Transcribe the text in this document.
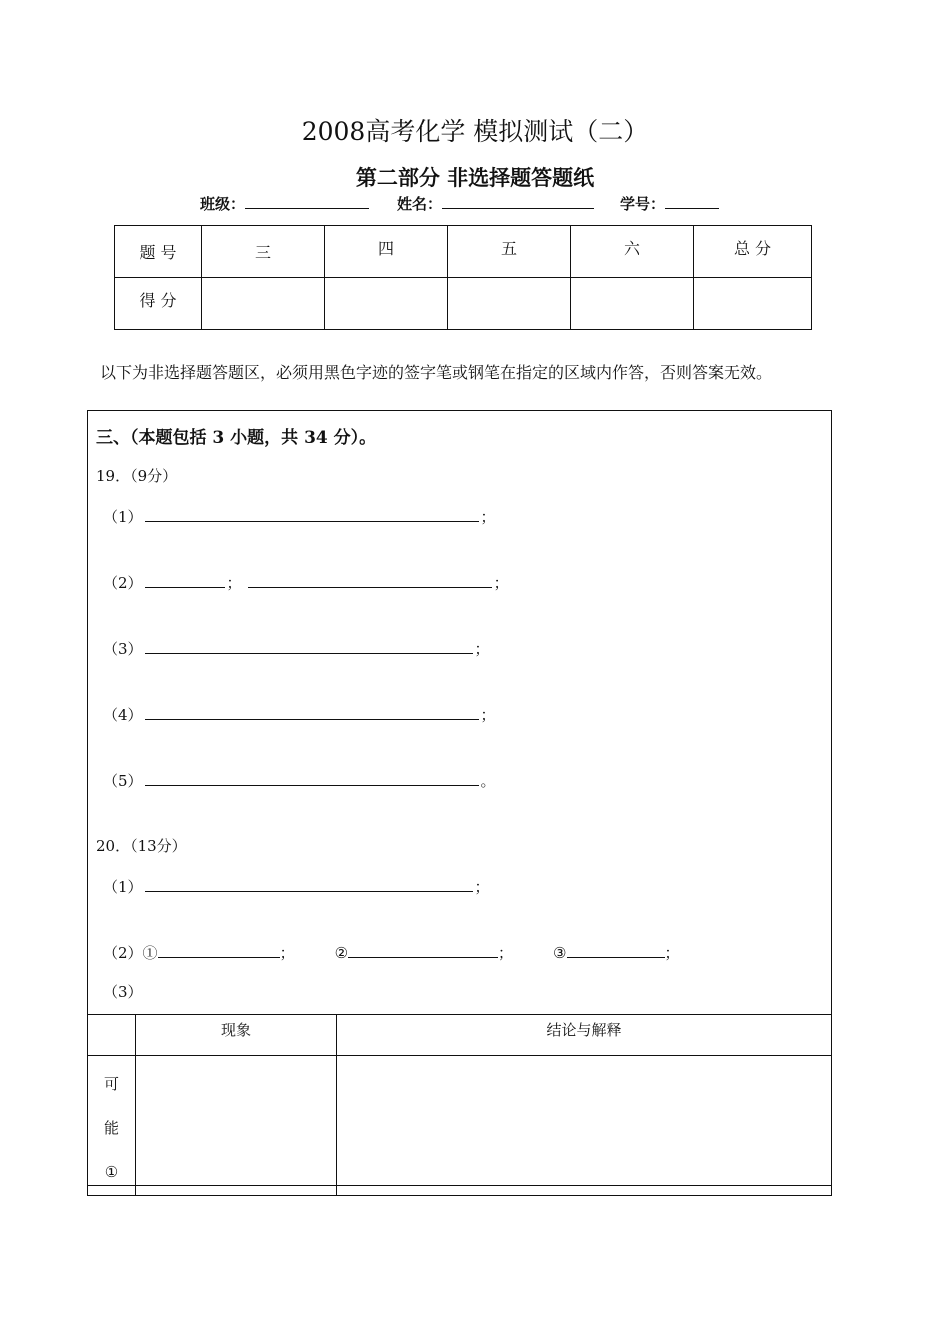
2008高考化学 模拟测试（二）
第二部分 非选择题答题纸
班级：	姓名：	学号：
题 号	三	四	五	六	总 分
得 分					
以下为非选择题答题区，必须用黑色字迹的签字笔或钢笔在指定的区域内作答，否则答案无效。
三、（本题包括 3 小题，共 34 分）。
19．（9分）
（1）	；
（2）	；	；
（3）	；
（4）	；
（5）	。
20．（13分）
（1）	；
（2）①	；	②	；	③	；
（3）
	现象	结论与解释

可
能
①		
